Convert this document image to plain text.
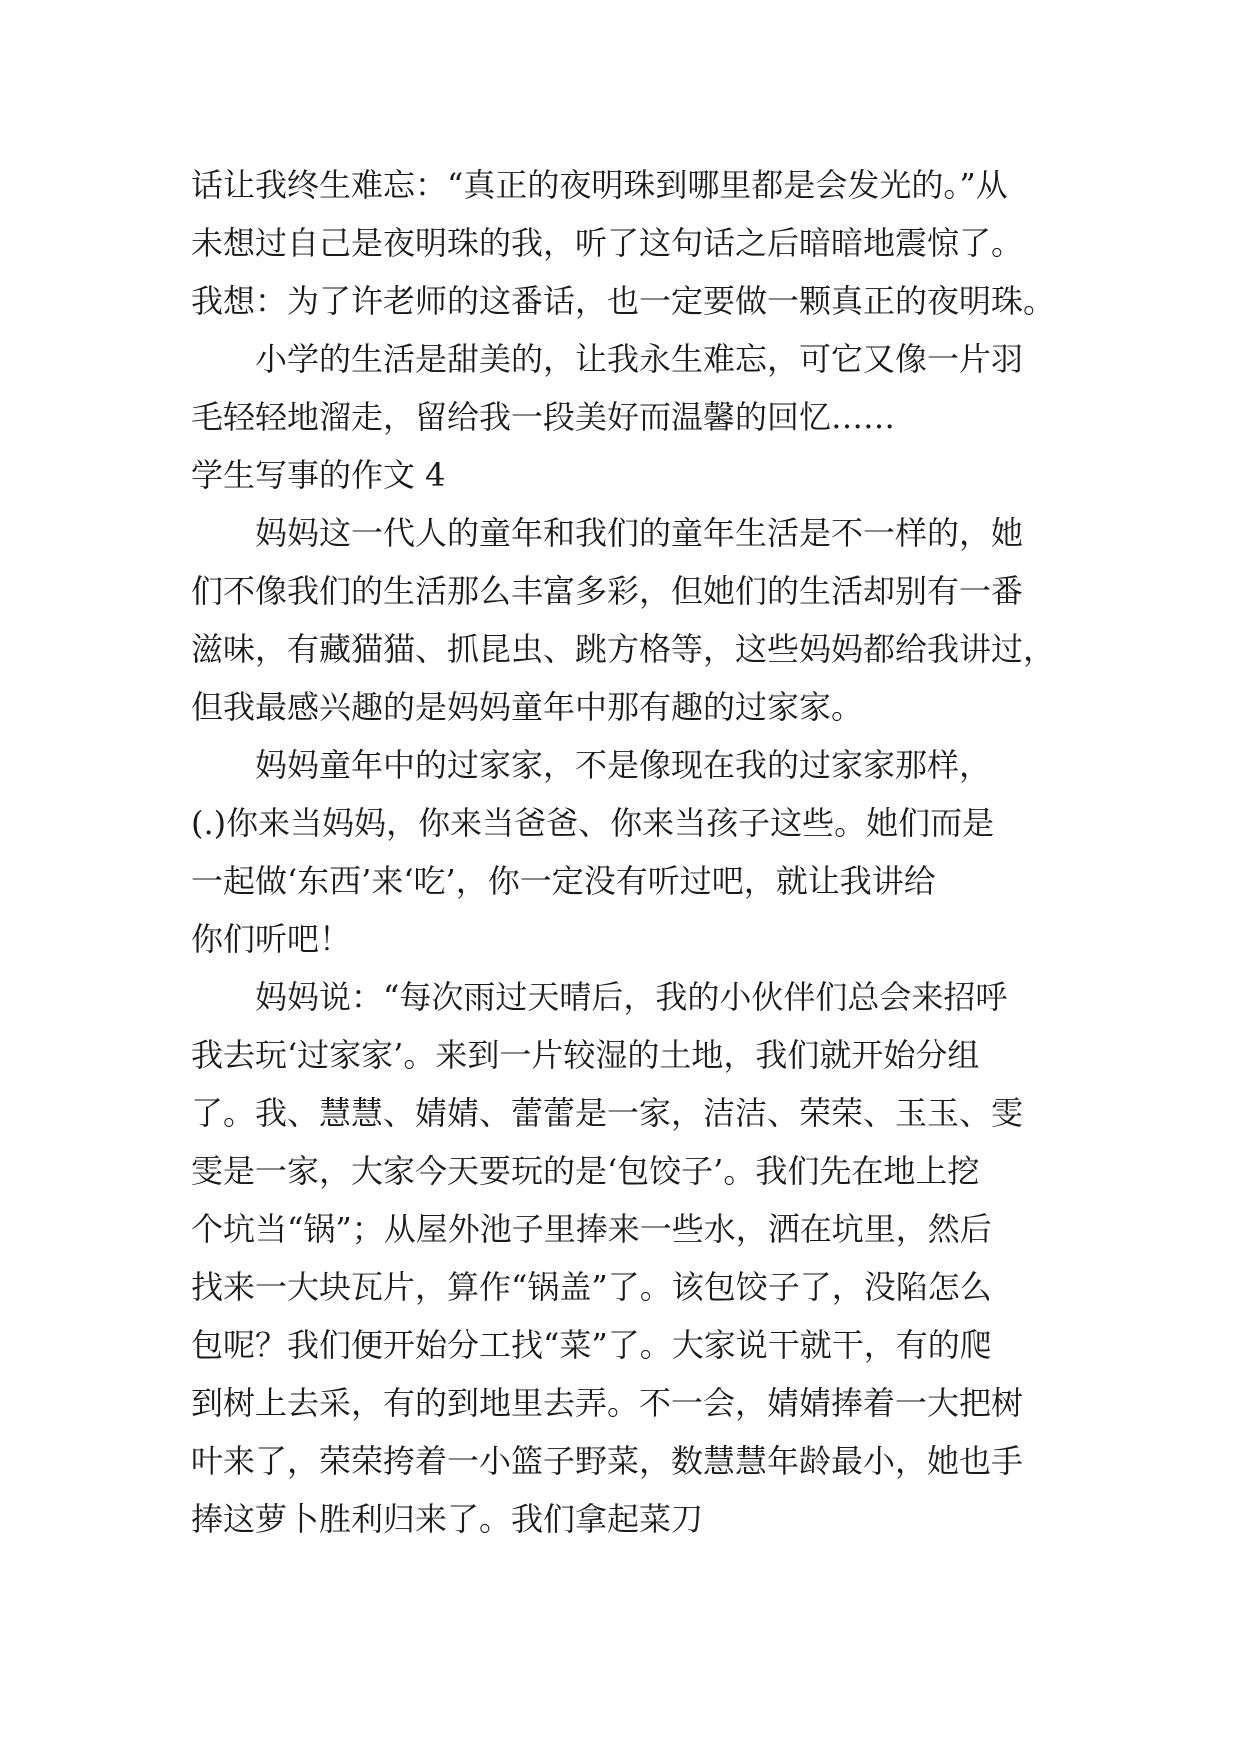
话让我终生难忘：“真正的夜明珠到哪里都是会发光的。”从
未想过自己是夜明珠的我，听了这句话之后暗暗地震惊了。
我想：为了许老师的这番话，也一定要做一颗真正的夜明珠。
　　小学的生活是甜美的，让我永生难忘，可它又像一片羽
毛轻轻地溜走，留给我一段美好而温馨的回忆……
学生写事的作文 4
　　妈妈这一代人的童年和我们的童年生活是不一样的，她
们不像我们的生活那么丰富多彩，但她们的生活却别有一番
滋味，有藏猫猫、抓昆虫、跳方格等，这些妈妈都给我讲过，
但我最感兴趣的是妈妈童年中那有趣的过家家。
　　妈妈童年中的过家家，不是像现在我的过家家那样，
(.)你来当妈妈，你来当爸爸、你来当孩子这些。她们而是
一起做‘东西’来‘吃’，你一定没有听过吧，就让我讲给
你们听吧！
　　妈妈说：“每次雨过天晴后，我的小伙伴们总会来招呼
我去玩‘过家家’。来到一片较湿的土地，我们就开始分组
了。我、慧慧、婧婧、蕾蕾是一家，洁洁、荣荣、玉玉、雯
雯是一家，大家今天要玩的是‘包饺子’。我们先在地上挖
个坑当“锅”；从屋外池子里捧来一些水，洒在坑里，然后
找来一大块瓦片，算作“锅盖”了。该包饺子了，没陷怎么
包呢？我们便开始分工找“菜”了。大家说干就干，有的爬
到树上去采，有的到地里去弄。不一会，婧婧捧着一大把树
叶来了，荣荣挎着一小篮子野菜，数慧慧年龄最小，她也手
捧这萝卜胜利归来了。我们拿起菜刀
